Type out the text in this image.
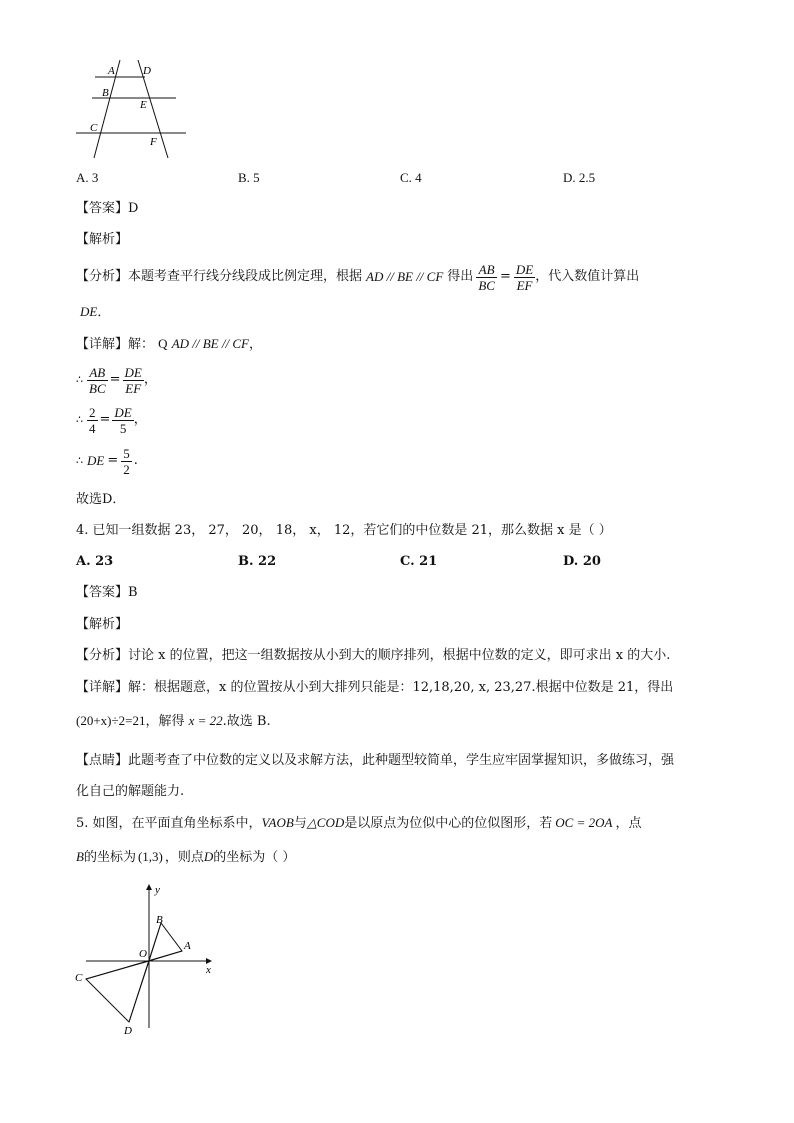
A	D
B
E
C
F
A. 3	B. 5	C. 4	D. 2.5
【答案】D
【解析】
【分析】本题考查平行线分线段成比例定理，根据 AD // BE // CF 得出 $\frac{AB}{BC} = \frac{DE}{EF}$ ，代入数值计算出
DE．
【详解】解： Q AD // BE // CF，
∴ $\frac{AB}{BC} = \frac{DE}{EF}$ ，
∴ $\frac{2}{4} = \frac{DE}{5}$ ，
∴ DE = $\frac{5}{2}$ .
故选D．
4. 已知一组数据 23， 27， 20， 18， x， 12，若它们的中位数是 21，那么数据 x 是（ ）
A. 23	B. 22	C. 21	D. 20
【答案】B
【解析】
【分析】讨论 x 的位置，把这一组数据按从小到大的顺序排列，根据中位数的定义，即可求出 x 的大小.
【详解】解：根据题意，x 的位置按从小到大排列只能是：12,18,20, x, 23,27.根据中位数是 21，得出
(20+x)÷2=21，解得 x = 22.故选 B.
【点睛】此题考查了中位数的定义以及求解方法，此种题型较简单，学生应牢固掌握知识，多做练习，强
化自己的解题能力.
5. 如图，在平面直角坐标系中，VAOB与△COD是以原点为位似中心的位似图形，若 OC = 2OA ，点
B的坐标为 (1,3) ，则点D的坐标为（ ）
y
x
O
B
A
C
D
